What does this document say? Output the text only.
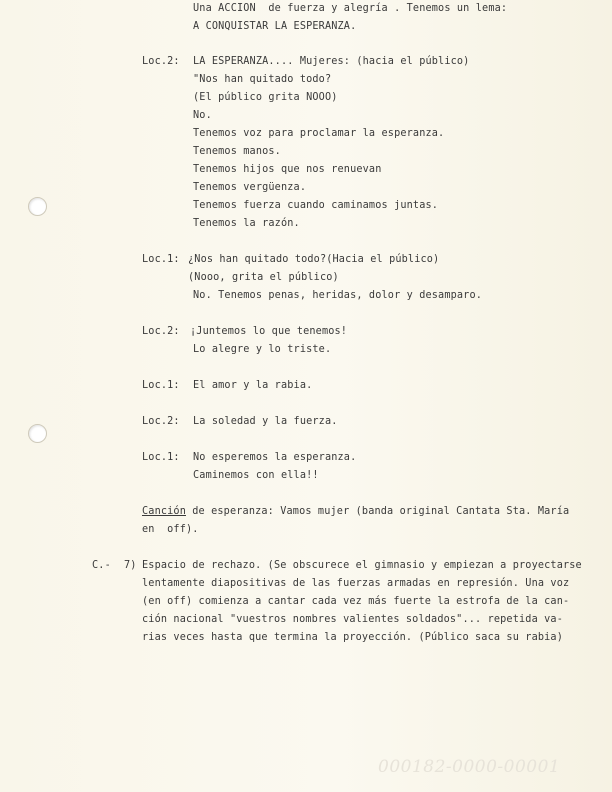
Una ACCION  de fuerza y alegría . Tenemos un lema:
A CONQUISTAR LA ESPERANZA.
Loc.2: LA ESPERANZA.... Mujeres: (hacia el público)
"Nos han quitado todo?
(El público grita NOOO)
No.
Tenemos voz para proclamar la esperanza.
Tenemos manos.
Tenemos hijos que nos renuevan
Tenemos vergüenza.
Tenemos fuerza cuando caminamos juntas.
Tenemos la razón.
Loc.1: ¿Nos han quitado todo?(Hacia el público)
(Nooo, grita el público)
No. Tenemos penas, heridas, dolor y desamparo.
Loc.2: ¡Juntemos lo que tenemos!
Lo alegre y lo triste.
Loc.1: El amor y la rabia.
Loc.2: La soledad y la fuerza.
Loc.1: No esperemos la esperanza.
Caminemos con ella!!
Canción de esperanza: Vamos mujer (banda original Cantata Sta. María
en  off).
C.- 7) Espacio de rechazo. (Se obscurece el gimnasio y empiezan a proyectarse
lentamente diapositivas de las fuerzas armadas en represión. Una voz
(en off) comienza a cantar cada vez más fuerte la estrofa de la can-
ción nacional "vuestros nombres valientes soldados"... repetida va-
rias veces hasta que termina la proyección. (Público saca su rabia)
000182-0000-00001
